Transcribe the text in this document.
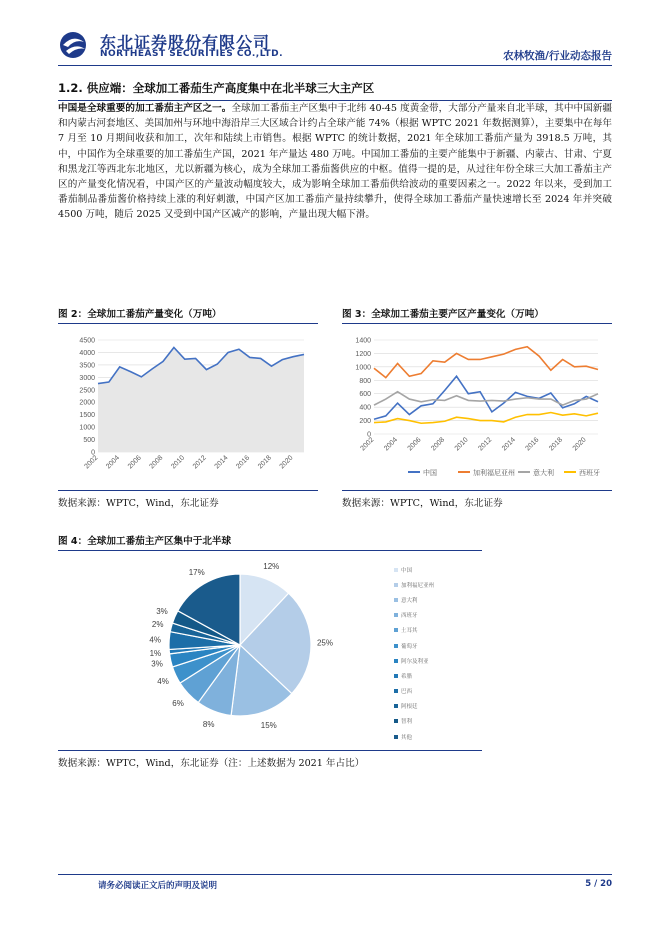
东北证券股份有限公司
NORTHEAST SECURITIES CO.,LTD.	农林牧渔/行业动态报告
1.2. 供应端：全球加工番茄生产高度集中在北半球三大主产区
中国是全球重要的加工番茄主产区之一。全球加工番茄主产区集中于北纬 40-45 度黄金带，大部分产量来自北半球，其中中国新疆和内蒙古河套地区、美国加州与环地中海沿岸三大区域合计约占全球产能 74%（根据 WPTC 2021 年数据测算），主要集中在每年 7 月至 10 月期间收获和加工，次年和陆续上市销售。根据 WPTC 的统计数据，2021 年全球加工番茄产量为 3918.5 万吨，其中，中国作为全球重要的加工番茄生产国，2021 年产量达 480 万吨。中国加工番茄的主要产能集中于新疆、内蒙古、甘肃、宁夏和黑龙江等西北东北地区，尤以新疆为核心，成为全球加工番茄酱供应的中枢。值得一提的是，从过往年份全球三大加工番茄主产区的产量变化情况看，中国产区的产量波动幅度较大，成为影响全球加工番茄供给波动的重要因素之一。2022 年以来，受到加工番茄制品番茄酱价格持续上涨的利好刺激，中国产区加工番茄产量持续攀升，使得全球加工番茄产量快速增长至 2024 年并突破 4500 万吨，随后 2025 又受到中国产区减产的影响，产量出现大幅下滑。
图 2：全球加工番茄产量变化（万吨）
0
500
1000
1500
2000
2500
3000
3500
4000
4500
2002 2004 2006 2008 2010 2012 2014 2016 2018 2020
数据来源：WPTC，Wind，东北证券
图 3：全球加工番茄主要产区产量变化（万吨）
0
200
400
600
800
1000
1200
1400
2002 2004 2006 2008 2010 2012 2014 2016 2018 2020
中国	加利福尼亚州	意大利	西班牙
数据来源：WPTC，Wind，东北证券
图 4：全球加工番茄主产区集中于北半球
12%
25%
15%
8%
6%
4%
3%
1%
4%
2%
3%
17%	中国
加利福尼亚州
意大利
西班牙
土耳其
葡萄牙
阿尔及利亚
希腊
巴西
阿根廷
智利
其他
数据来源：WPTC，Wind，东北证券（注：上述数据为 2021 年占比）
请务必阅读正文后的声明及说明	5 / 20
